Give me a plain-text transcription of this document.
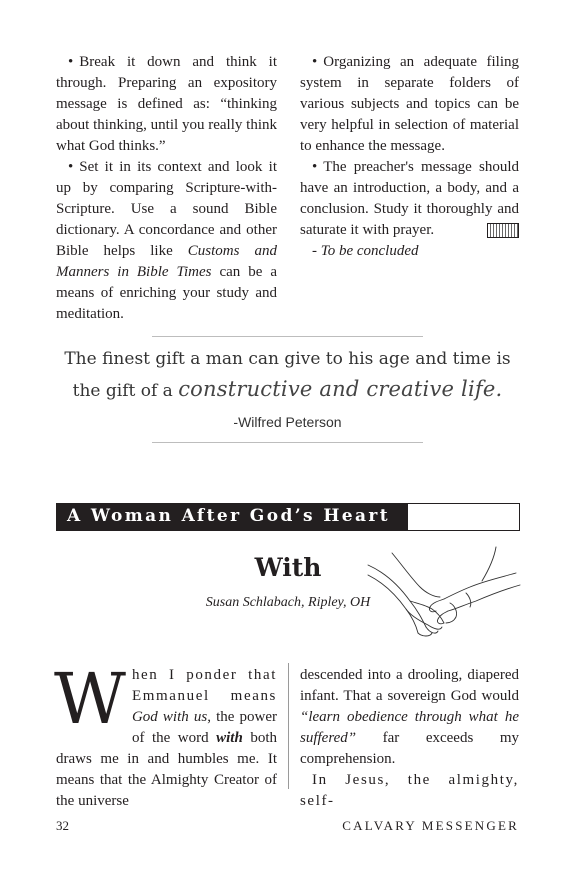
• Break it down and think it through. Preparing an expository message is defined as: “thinking about thinking, until you really think what God thinks.”

• Set it in its context and look it up by comparing Scripture-with-Scripture. Use a sound Bible dictionary. A concordance and other Bible helps like Customs and Manners in Bible Times can be a means of enriching your study and meditation.

• Organizing an adequate filing system in separate folders of various subjects and topics can be very helpful in selection of material to enhance the message.

• The preacher's message should have an introduction, a body, and a conclusion. Study it thoroughly and saturate it with prayer.

- To be concluded

The finest gift a man can give to his age and time is
the gift of a constructive and creative life.
-Wilfred Peterson
A Woman After God’s Heart
With
Susan Schlabach, Ripley, OH

When I ponder that Emmanuel means God with us, the power of the word with both draws me in and humbles me. It means that the Almighty Creator of the universe

descended into a drooling, diapered infant. That a sovereign God would “learn obedience through what he suffered” far exceeds my comprehension.

In Jesus, the almighty, self-

32	CALVARY MESSENGER
